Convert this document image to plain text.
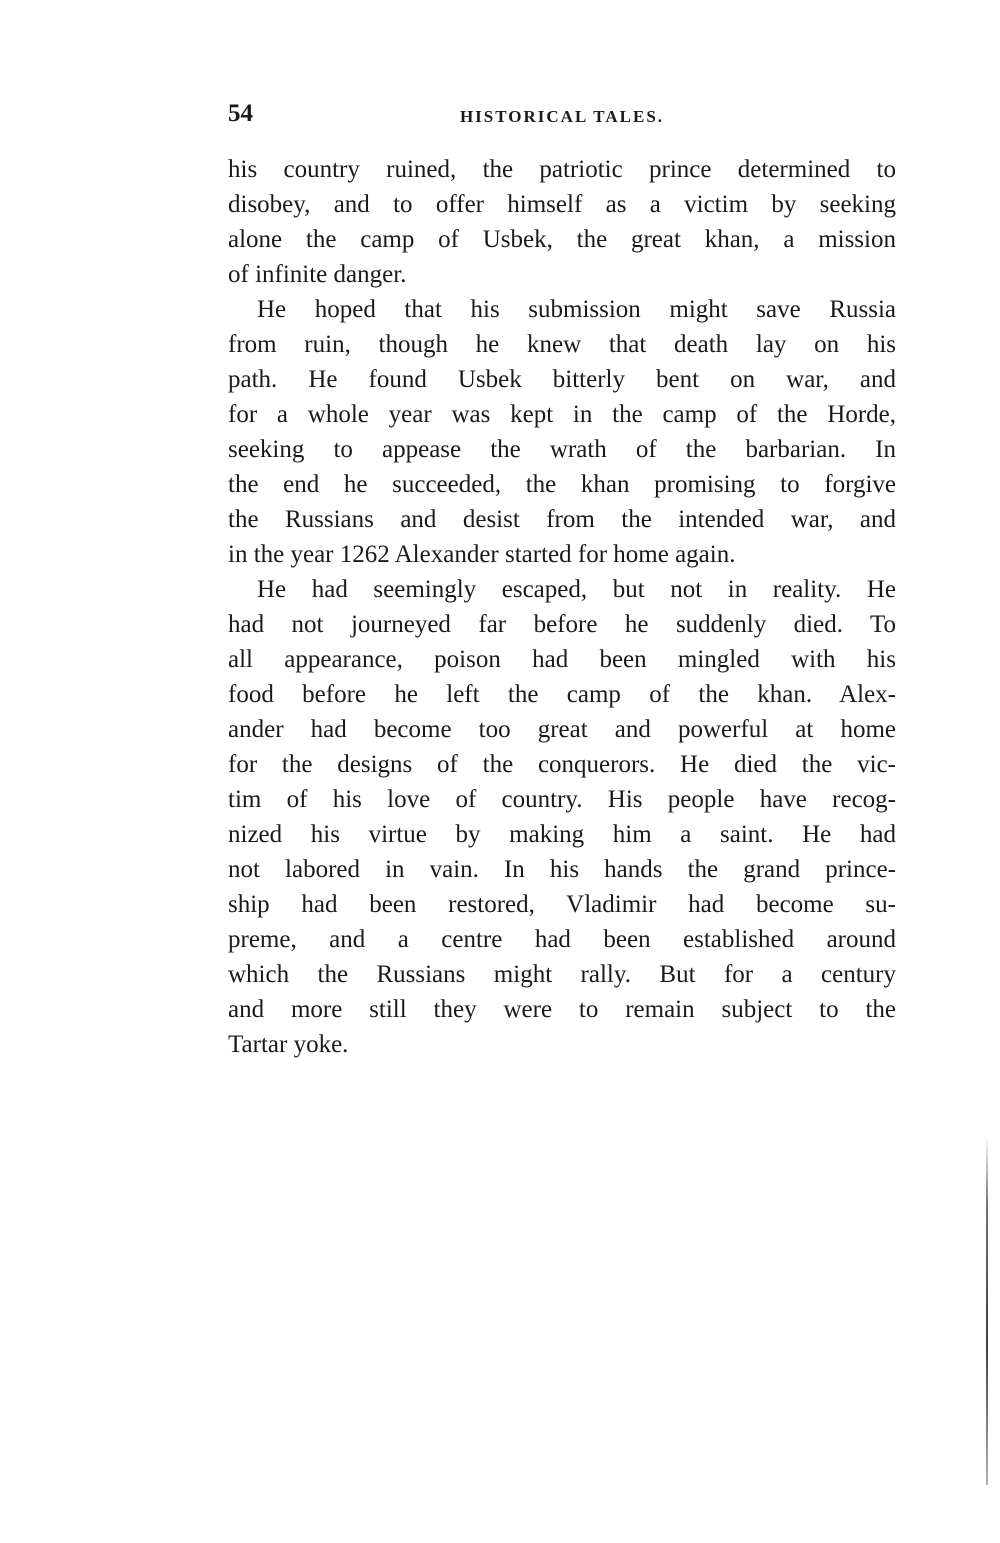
54	HISTORICAL TALES.
his country ruined, the patriotic prince determined to
disobey, and to offer himself as a victim by seeking
alone the camp of Usbek, the great khan, a mission
of infinite danger.
He hoped that his submission might save Russia
from ruin, though he knew that death lay on his
path. He found Usbek bitterly bent on war, and
for a whole year was kept in the camp of the Horde,
seeking to appease the wrath of the barbarian. In
the end he succeeded, the khan promising to forgive
the Russians and desist from the intended war, and
in the year 1262 Alexander started for home again.
He had seemingly escaped, but not in reality. He
had not journeyed far before he suddenly died. To
all appearance, poison had been mingled with his
food before he left the camp of the khan. Alex-
ander had become too great and powerful at home
for the designs of the conquerors. He died the vic-
tim of his love of country. His people have recog-
nized his virtue by making him a saint. He had
not labored in vain. In his hands the grand prince-
ship had been restored, Vladimir had become su-
preme, and a centre had been established around
which the Russians might rally. But for a century
and more still they were to remain subject to the
Tartar yoke.
